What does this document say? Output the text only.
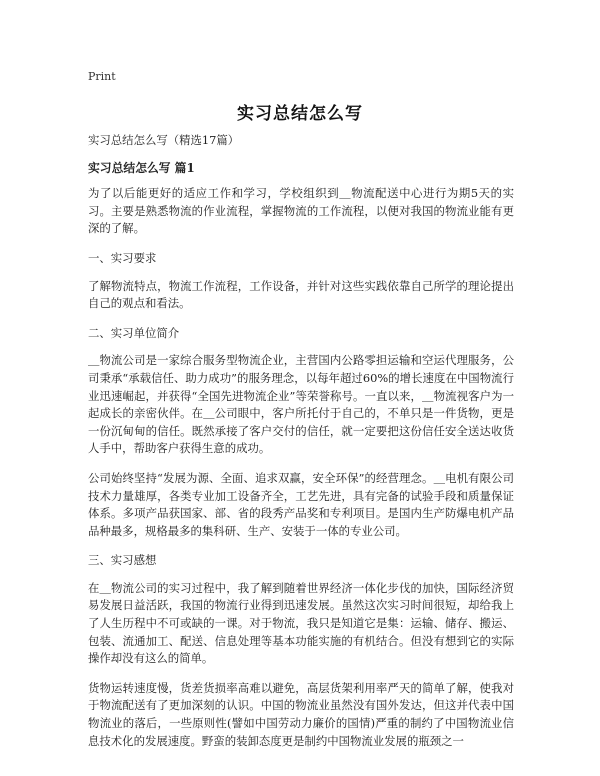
Print
实习总结怎么写

实习总结怎么写（精选17篇）

实习总结怎么写 篇1

为了以后能更好的适应工作和学习，学校组织到＿物流配送中心进行为期5天的实习。主要是熟悉物流的作业流程，掌握物流的工作流程，以便对我国的物流业能有更深的了解。

一、实习要求

了解物流特点，物流工作流程，工作设备，并针对这些实践依靠自己所学的理论提出自己的观点和看法。

二、实习单位简介

＿物流公司是一家综合服务型物流企业，主营国内公路零担运输和空运代理服务，公司秉承“承载信任、助力成功”的服务理念，以每年超过60%的增长速度在中国物流行业迅速崛起，并获得“全国先进物流企业”等荣誉称号。一直以来，＿物流视客户为一起成长的亲密伙伴。在＿公司眼中，客户所托付于自己的，不单只是一件货物，更是一份沉甸甸的信任。既然承接了客户交付的信任，就一定要把这份信任安全送达收货人手中，帮助客户获得生意的成功。

公司始终坚持“发展为源、全面、追求双赢，安全环保”的经营理念。＿电机有限公司技术力量雄厚，各类专业加工设备齐全，工艺先进，具有完备的试验手段和质量保证体系。多项产品获国家、部、省的段秀产品奖和专利项目。是国内生产防爆电机产品品种最多，规格最多的集科研、生产、安装于一体的专业公司。

三、实习感想

在＿物流公司的实习过程中，我了解到随着世界经济一体化步伐的加快，国际经济贸易发展日益活跃，我国的物流行业得到迅速发展。虽然这次实习时间很短，却给我上了人生历程中不可或缺的一课。对于物流，我只是知道它是集：运输、储存、搬运、包装、流通加工、配送、信息处理等基本功能实施的有机结合。但没有想到它的实际操作却没有这么的简单。

货物运转速度慢，货差货损率高难以避免，高层货架利用率严天的简单了解，使我对于物流配送有了更加深刻的认识。中国的物流业虽然没有国外发达，但这并代表中国物流业的落后，一些原则性(譬如中国劳动力廉价的国情)严重的制约了中国物流业信息技术化的发展速度。野蛮的装卸态度更是制约中国物流业发展的瓶颈之一
